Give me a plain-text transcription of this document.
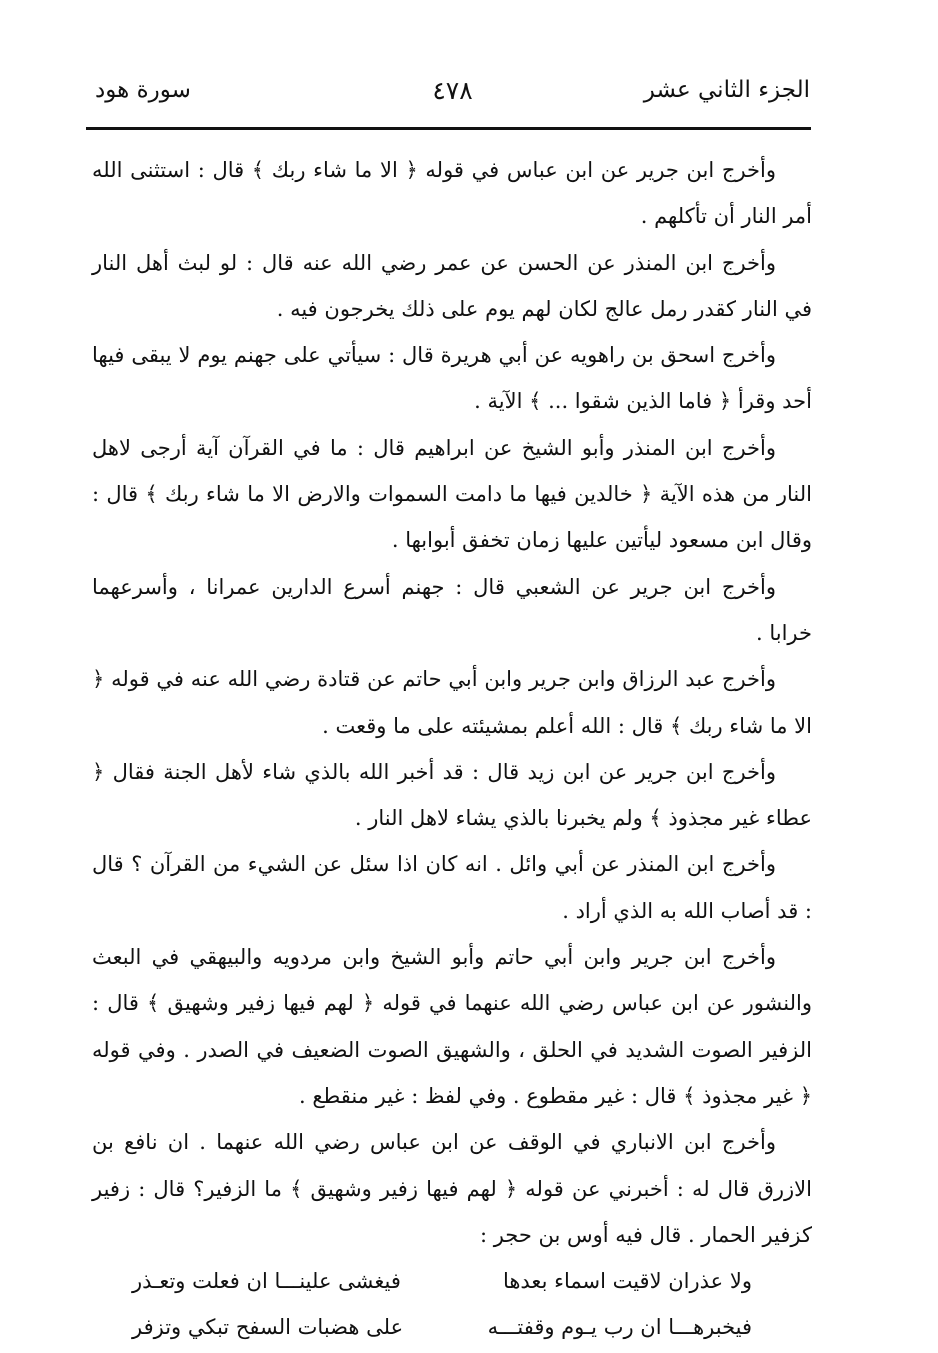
الجزء الثاني عشر
٤٧٨
سورة هود

وأخرج ابن جرير عن ابن عباس في قوله ﴿ الا ما شاء ربك ﴾ قال : استثنى الله أمر النار أن تأكلهم .

وأخرج ابن المنذر عن الحسن عن عمر رضي الله عنه قال : لو لبث أهل النار في النار كقدر رمل عالج لكان لهم يوم على ذلك يخرجون فيه .

وأخرج اسحق بن راهويه عن أبي هريرة قال : سيأتي على جهنم يوم لا يبقى فيها أحد وقرأ ﴿ فاما الذين شقوا ... ﴾ الآية .

وأخرج ابن المنذر وأبو الشيخ عن ابراهيم قال : ما في القرآن آية أرجى لاهل النار من هذه الآية ﴿ خالدين فيها ما دامت السموات والارض الا ما شاء ربك ﴾ قال : وقال ابن مسعود ليأتين عليها زمان تخفق أبوابها .

وأخرج ابن جرير عن الشعبي قال : جهنم أسرع الدارين عمرانا ، وأسرعهما خرابا .

وأخرج عبد الرزاق وابن جرير وابن أبي حاتم عن قتادة رضي الله عنه في قوله ﴿ الا ما شاء ربك ﴾ قال : الله أعلم بمشيئته على ما وقعت .

وأخرج ابن جرير عن ابن زيد قال : قد أخبر الله بالذي شاء لأهل الجنة فقال ﴿ عطاء غير مجذوذ ﴾ ولم يخبرنا بالذي يشاء لاهل النار .

وأخرج ابن المنذر عن أبي وائل . انه كان اذا سئل عن الشيء من القرآن ؟ قال : قد أصاب الله به الذي أراد .

وأخرج ابن جرير وابن أبي حاتم وأبو الشيخ وابن مردويه والبيهقي في البعث والنشور عن ابن عباس رضي الله عنهما في قوله ﴿ لهم فيها زفير وشهيق ﴾ قال : الزفير الصوت الشديد في الحلق ، والشهيق الصوت الضعيف في الصدر . وفي قوله ﴿ غير مجذوذ ﴾ قال : غير مقطوع . وفي لفظ : غير منقطع .

وأخرج ابن الانباري في الوقف عن ابن عباس رضي الله عنهما . ان نافع بن الازرق قال له : أخبرني عن قوله ﴿ لهم فيها زفير وشهيق ﴾ ما الزفير؟ قال : زفير كزفير الحمار . قال فيه أوس بن حجر :

ولا عذران لاقيت اسماء بعدها
فيغشى علينـــا ان فعلت وتعـذر
فيخبرهـــا ان رب يـوم وقفتـــه
على هضبات السفح تبكي وتزفر
